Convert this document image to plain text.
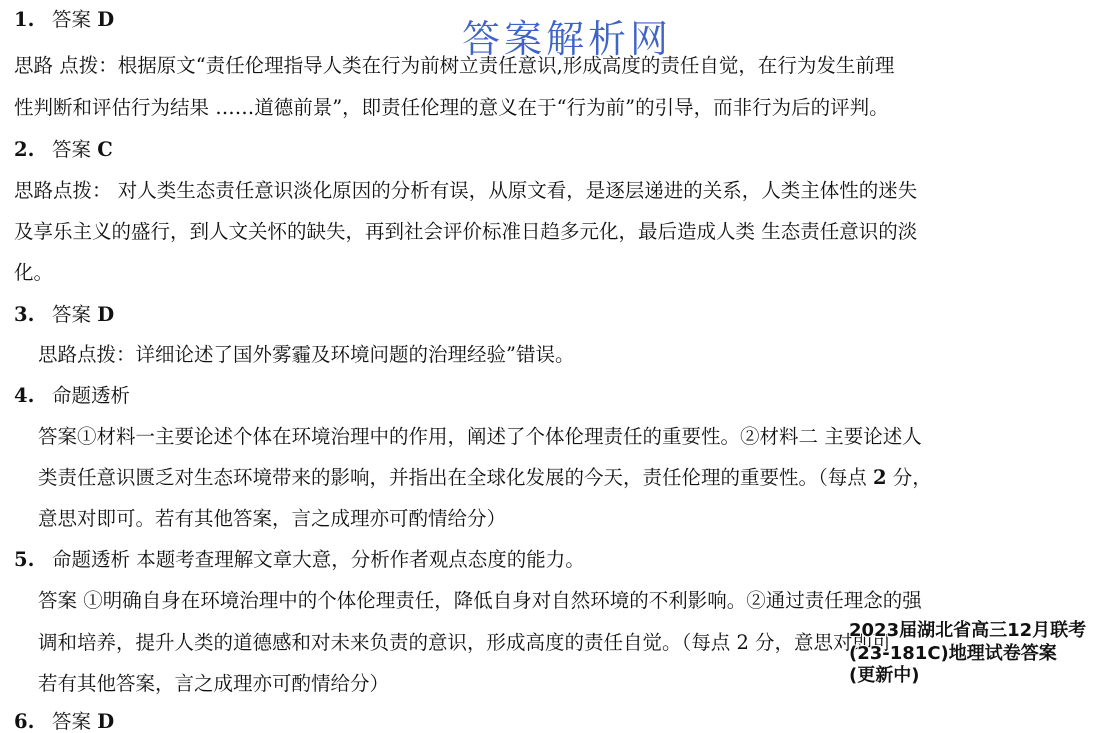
答案解析网
1. 答案 D
思路 点拨：根据原文“责任伦理指导人类在行为前树立责任意识,形成高度的责任自觉，在行为发生前理
性判断和评估行为结果 ……道德前景”，即责任伦理的意义在于“行为前”的引导，而非行为后的评判。
2. 答案 C
思路点拨： 对人类生态责任意识淡化原因的分析有误，从原文看，是逐层递进的关系，人类主体性的迷失
及享乐主义的盛行，到人文关怀的缺失，再到社会评价标准日趋多元化，最后造成人类 生态责任意识的淡
化。
3. 答案 D
思路点拨：详细论述了国外雾霾及环境问题的治理经验”错误。
4. 命题透析
答案①材料一主要论述个体在环境治理中的作用，阐述了个体伦理责任的重要性。②材料二 主要论述人
类责任意识匮乏对生态环境带来的影响，并指出在全球化发展的今天，责任伦理的重要性。（每点 2 分，
意思对即可。若有其他答案，言之成理亦可酌情给分）
5. 命题透析 本题考查理解文章大意，分析作者观点态度的能力。
答案 ①明确自身在环境治理中的个体伦理责任，降低自身对自然环境的不利影响。②通过责任理念的强
调和培养，提升人类的道德感和对未来负责的意识，形成高度的责任自觉。（每点 2 分，意思对即可。
若有其他答案，言之成理亦可酌情给分）
6. 答案 D
2023届湖北省高三12月联考
(23-181C)地理试卷答案
(更新中)
